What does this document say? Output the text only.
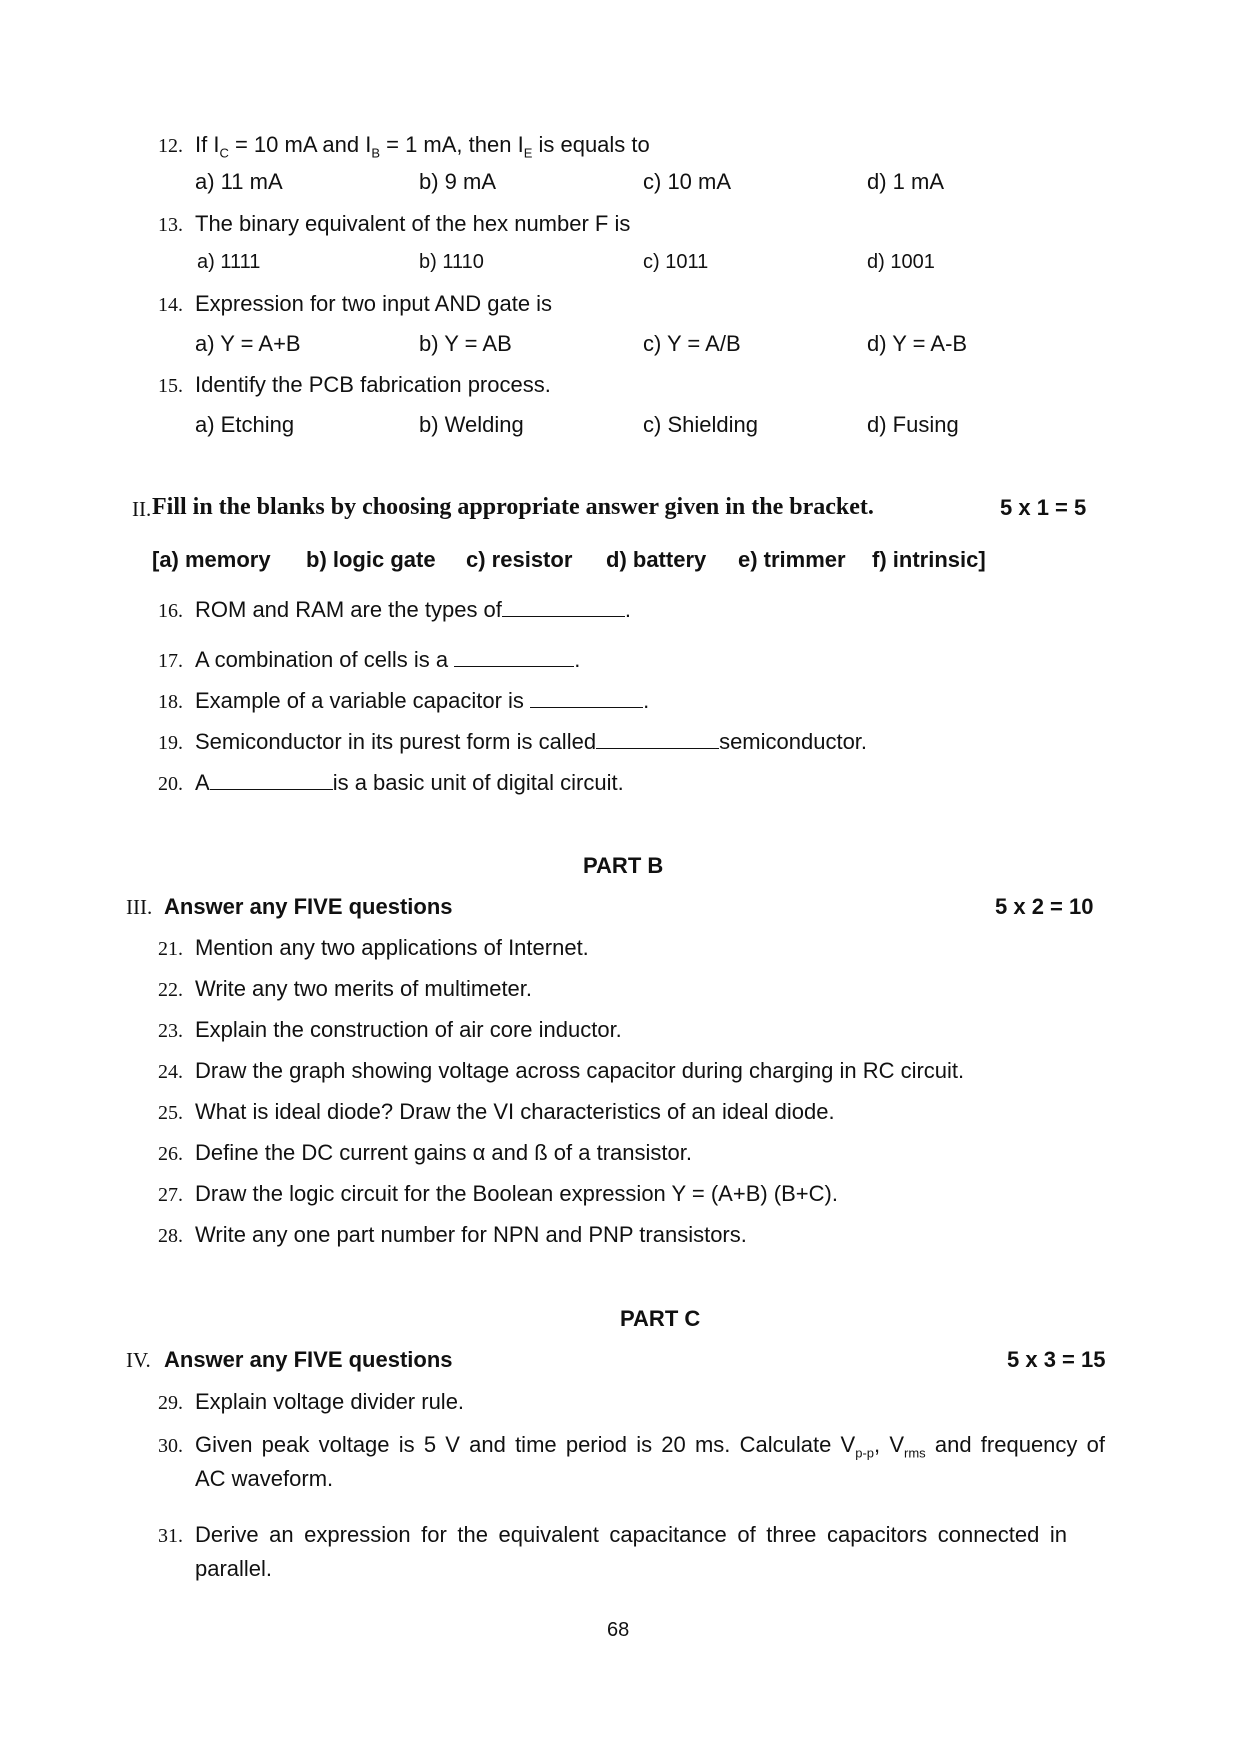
12. If $I_C = 10$ mA and $I_B = 1$ mA, then $I_E$ is equals to
a) 11 mA	b) 9 mA	c) 10 mA	d) 1 mA
13. The binary equivalent of the hex number F is
a) 1111	b) 1110	c) 1011	d) 1001
14. Expression for two input AND gate is
a) Y = A+B	b) Y = AB	c) Y = A/B	d) Y = A-B
15. Identify the PCB fabrication process.
a) Etching	b) Welding	c) Shielding	d) Fusing
II. Fill in the blanks by choosing appropriate answer given in the bracket.	5 x 1 = 5
[a) memory b) logic gate c) resistor d) battery e) trimmer f) intrinsic]
16. ROM and RAM are the types of	.
17. A combination of cells is a	.
18. Example of a variable capacitor is	.
19. Semiconductor in its purest form is called	semiconductor.
20. A	is a basic unit of digital circuit.
PART B
III. Answer any FIVE questions	5 x 2 = 10
21. Mention any two applications of Internet.
22. Write any two merits of multimeter.
23. Explain the construction of air core inductor.
24. Draw the graph showing voltage across capacitor during charging in RC circuit.
25. What is ideal diode? Draw the VI characteristics of an ideal diode.
26. Define the DC current gains α and ß of a transistor.
27. Draw the logic circuit for the Boolean expression Y = (A+B) (B+C).
28. Write any one part number for NPN and PNP transistors.
PART C
IV. Answer any FIVE questions	5 x 3 = 15
29. Explain voltage divider rule.
30. Given peak voltage is 5 V and time period is 20 ms. Calculate $V_{p-p}$, $V_{rms}$ and frequency of
AC waveform.
31. Derive an expression for the equivalent capacitance of three capacitors connected in
parallel.
68
